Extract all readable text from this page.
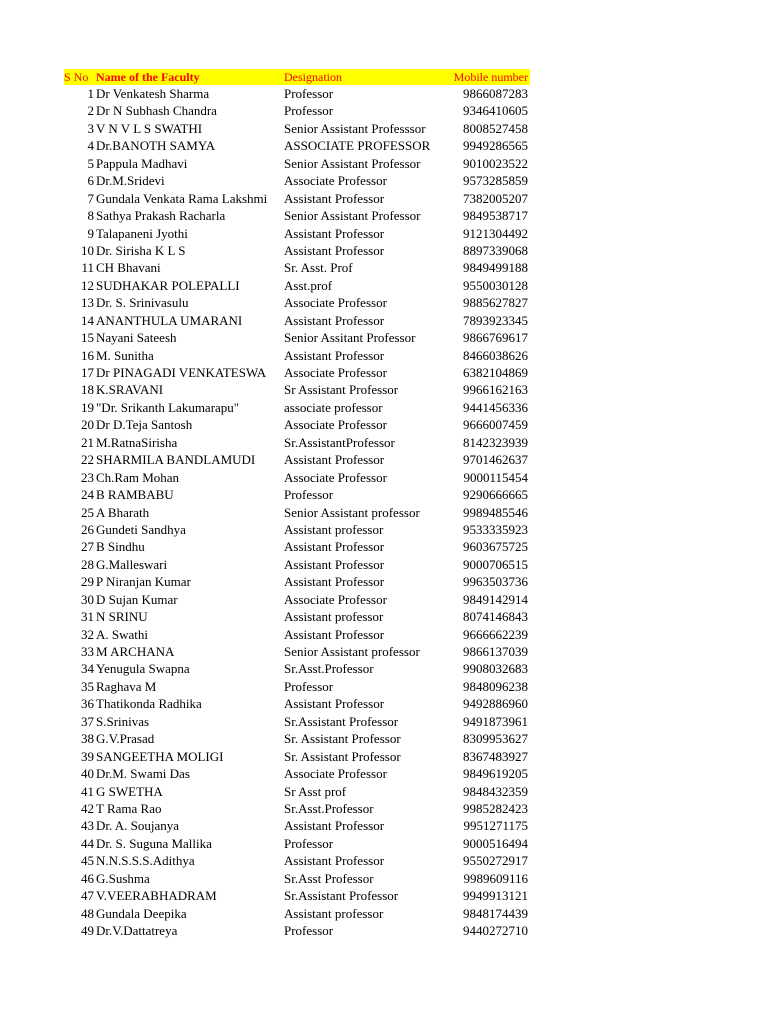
S No Name of the Faculty	Designation	Mobile number
1 Dr Venkatesh Sharma	Professor	9866087283
2 Dr N Subhash Chandra	Professor	9346410605
3 V N V L S SWATHI	Senior Assistant Professsor	8008527458
4 Dr.BANOTH SAMYA	ASSOCIATE PROFESSOR	9949286565
5 Pappula Madhavi	Senior Assistant Professor	9010023522
6 Dr.M.Sridevi	Associate Professor	9573285859
7 Gundala Venkata Rama Lakshmi	Assistant Professor	7382005207
8 Sathya Prakash Racharla	Senior Assistant Professor	9849538717
9 Talapaneni Jyothi	Assistant Professor	9121304492
10 Dr. Sirisha K L S	Assistant Professor	8897339068
11 CH Bhavani	Sr. Asst. Prof	9849499188
12 SUDHAKAR POLEPALLI	Asst.prof	9550030128
13 Dr. S. Srinivasulu	Associate Professor	9885627827
14 ANANTHULA UMARANI	Assistant Professor	7893923345
15 Nayani Sateesh	Senior Assitant Professor	9866769617
16 M. Sunitha	Assistant Professor	8466038626
17 Dr PINAGADI VENKATESWA	Associate Professor	6382104869
18 K.SRAVANI	Sr Assistant Professor	9966162163
19 "Dr. Srikanth Lakumarapu"	associate professor	9441456336
20 Dr D.Teja Santosh	Associate Professor	9666007459
21 M.RatnaSirisha	Sr.AssistantProfessor	8142323939
22 SHARMILA BANDLAMUDI	Assistant Professor	9701462637
23 Ch.Ram Mohan	Associate Professor	9000115454
24 B RAMBABU	Professor	9290666665
25 A Bharath	Senior Assistant professor	9989485546
26 Gundeti Sandhya	Assistant professor	9533335923
27 B Sindhu	Assistant Professor	9603675725
28 G.Malleswari	Assistant Professor	9000706515
29 P Niranjan Kumar	Assistant Professor	9963503736
30 D Sujan Kumar	Associate Professor	9849142914
31 N SRINU	Assistant professor	8074146843
32 A. Swathi	Assistant Professor	9666662239
33 M ARCHANA	Senior Assistant professor	9866137039
34 Yenugula Swapna	Sr.Asst.Professor	9908032683
35 Raghava M	Professor	9848096238
36 Thatikonda Radhika	Assistant Professor	9492886960
37 S.Srinivas	Sr.Assistant Professor	9491873961
38 G.V.Prasad	Sr. Assistant Professor	8309953627
39 SANGEETHA MOLIGI	Sr. Assistant Professor	8367483927
40 Dr.M. Swami Das	Associate Professor	9849619205
41 G SWETHA	Sr Asst prof	9848432359
42 T Rama Rao	Sr.Asst.Professor	9985282423
43 Dr. A. Soujanya	Assistant Professor	9951271175
44 Dr. S. Suguna Mallika	Professor	9000516494
45 N.N.S.S.S.Adithya	Assistant Professor	9550272917
46 G.Sushma	Sr.Asst Professor	9989609116
47 V.VEERABHADRAM	Sr.Assistant Professor	9949913121
48 Gundala Deepika	Assistant professor	9848174439
49 Dr.V.Dattatreya	Professor	9440272710
